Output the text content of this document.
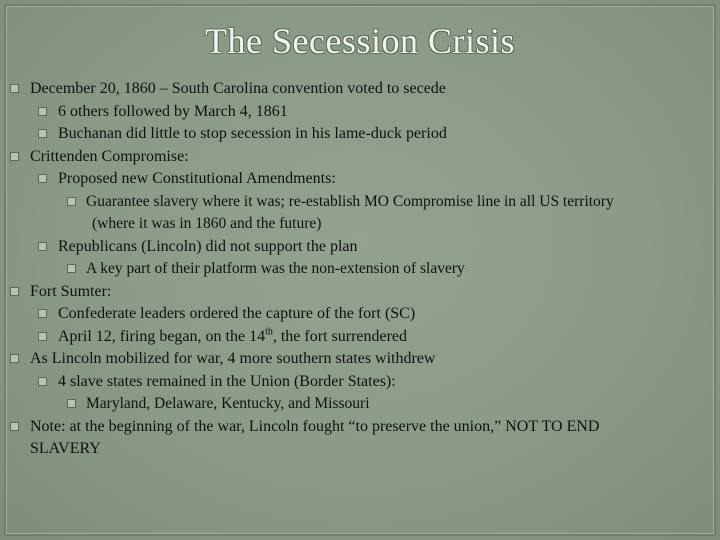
The Secession Crisis
December 20, 1860 – South Carolina convention voted to secede
6 others followed by March 4, 1861
Buchanan did little to stop secession in his lame-duck period
Crittenden Compromise:
Proposed new Constitutional Amendments:
Guarantee slavery where it was; re-establish MO Compromise line in all US territory
(where it was in 1860 and the future)
Republicans (Lincoln) did not support the plan
A key part of their platform was the non-extension of slavery
Fort Sumter:
Confederate leaders ordered the capture of the fort (SC)
April 12, firing began, on the 14th, the fort surrendered
As Lincoln mobilized for war, 4 more southern states withdrew
4 slave states remained in the Union (Border States):
Maryland, Delaware, Kentucky, and Missouri
Note: at the beginning of the war, Lincoln fought “to preserve the union,” NOT TO END
SLAVERY
